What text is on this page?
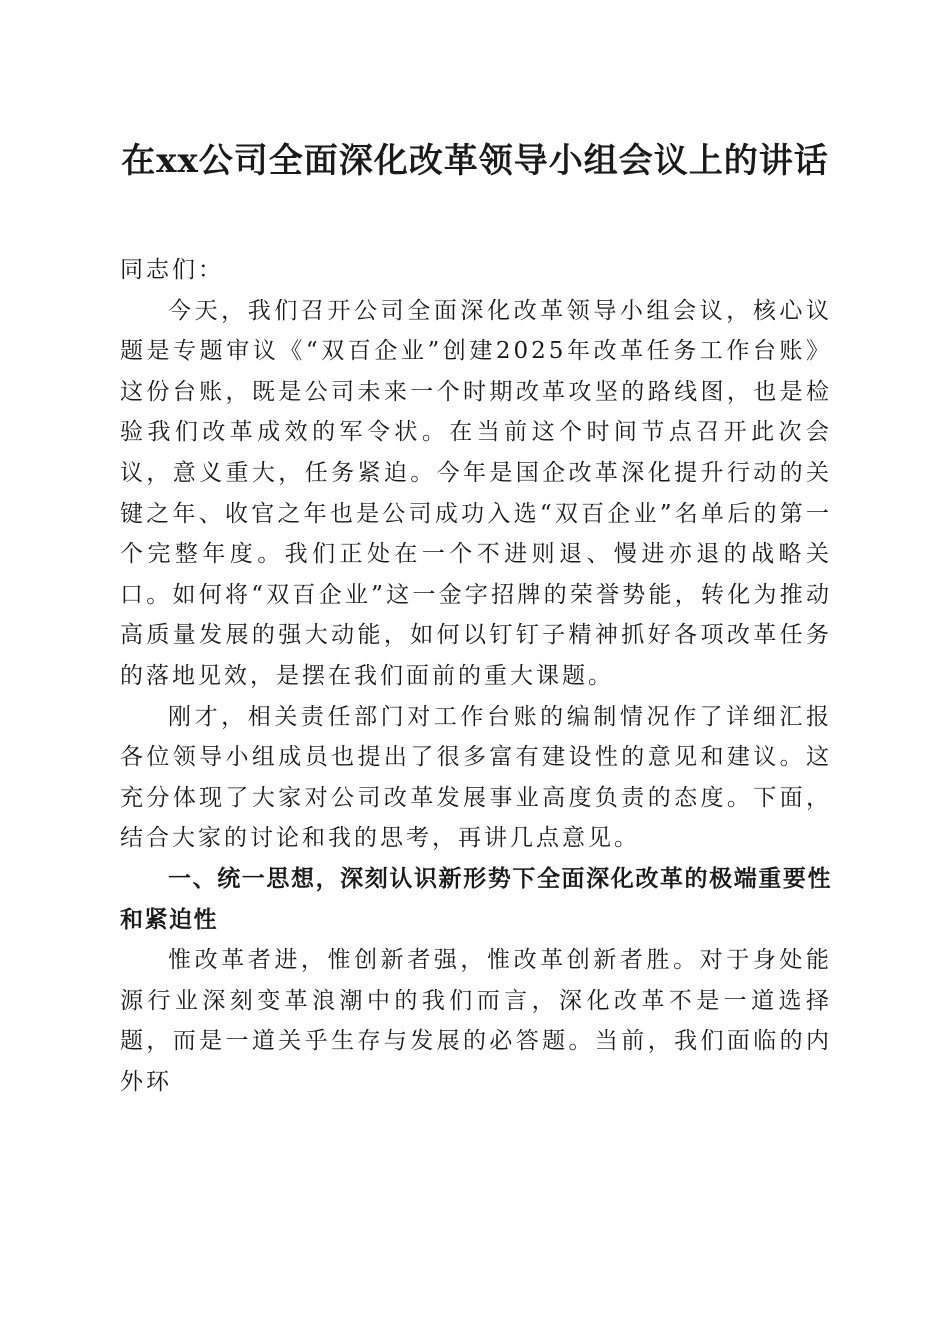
在xx公司全面深化改革领导小组会议上的讲话

同志们：

今天，我们召开公司全面深化改革领导小组会议，核心议题是专题审议《“双百企业”创建2025年改革任务工作台账》这份台账，既是公司未来一个时期改革攻坚的路线图，也是检验我们改革成效的军令状。在当前这个时间节点召开此次会议，意义重大，任务紧迫。今年是国企改革深化提升行动的关键之年、收官之年也是公司成功入选“双百企业”名单后的第一个完整年度。我们正处在一个不进则退、慢进亦退的战略关口。如何将“双百企业”这一金字招牌的荣誉势能，转化为推动高质量发展的强大动能，如何以钉钉子精神抓好各项改革任务的落地见效，是摆在我们面前的重大课题。

刚才，相关责任部门对工作台账的编制情况作了详细汇报各位领导小组成员也提出了很多富有建设性的意见和建议。这充分体现了大家对公司改革发展事业高度负责的态度。下面，结合大家的讨论和我的思考，再讲几点意见。

一、统一思想，深刻认识新形势下全面深化改革的极端重要性和紧迫性

惟改革者进，惟创新者强，惟改革创新者胜。对于身处能源行业深刻变革浪潮中的我们而言，深化改革不是一道选择题，而是一道关乎生存与发展的必答题。当前，我们面临的内外环
